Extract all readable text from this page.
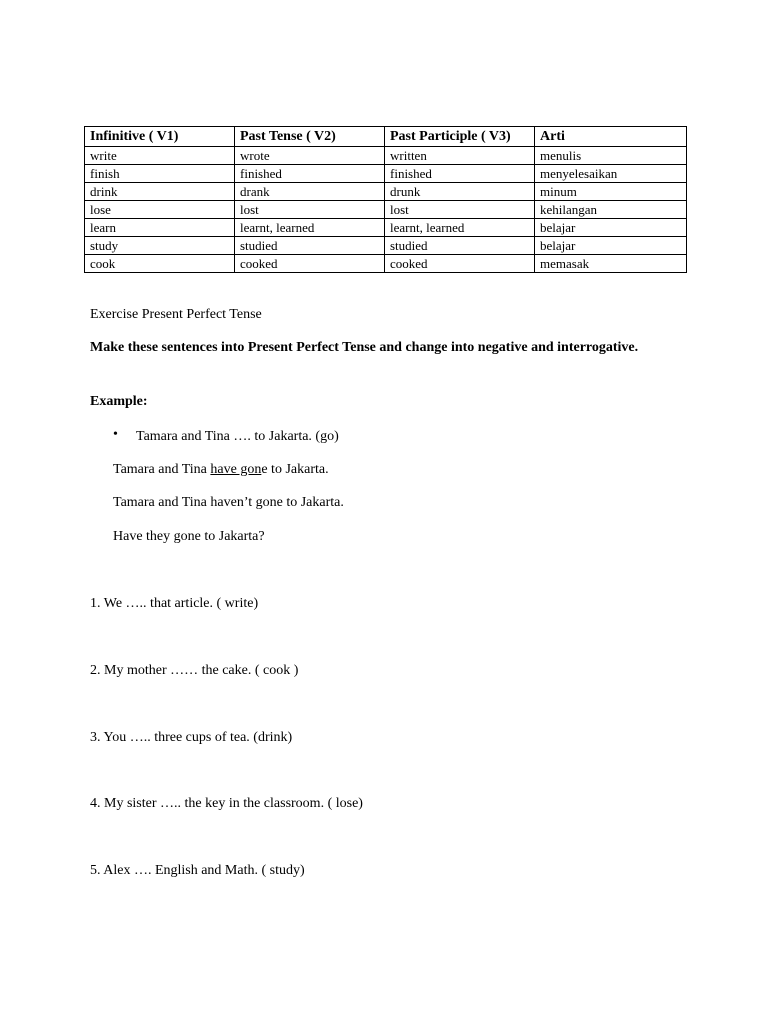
Infinitive ( V1)	Past Tense ( V2)	Past Participle ( V3)	Arti
write	wrote	written	menulis
finish	finished	finished	menyelesaikan
drink	drank	drunk	minum
lose	lost	lost	kehilangan
learn	learnt, learned	learnt, learned	belajar
study	studied	studied	belajar
cook	cooked	cooked	memasak
Exercise Present Perfect Tense
Make these sentences into Present Perfect Tense and change into negative and interrogative.
Example:
• Tamara and Tina …. to Jakarta. (go)
Tamara and Tina have gone to Jakarta.
Tamara and Tina haven’t gone to Jakarta.
Have they gone to Jakarta?
1. We ….. that article. ( write)
2. My mother …… the cake. ( cook )
3. You ….. three cups of tea. (drink)
4. My sister ….. the key in the classroom. ( lose)
5. Alex …. English and Math. ( study)
